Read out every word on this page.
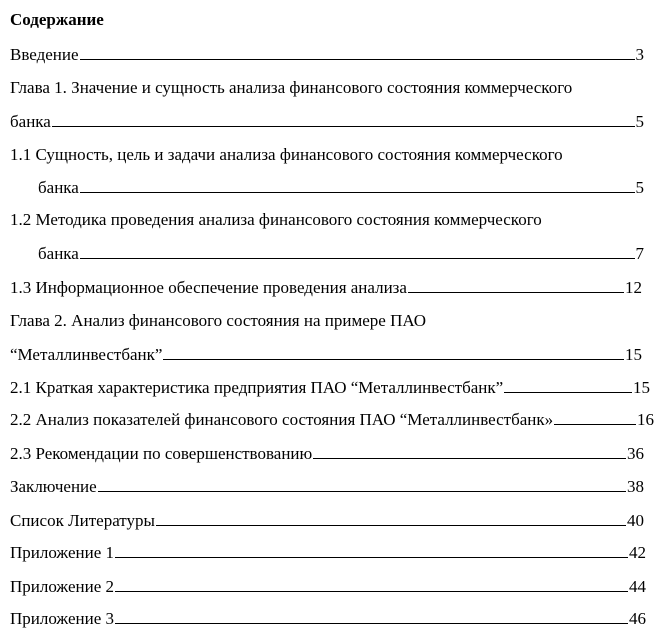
Содержание
Введение	3
Глава 1. Значение и сущность анализа финансового состояния коммерческого
банка	5
1.1 Сущность, цель и задачи анализа финансового состояния коммерческого
банка	5
1.2 Методика проведения анализа финансового состояния коммерческого
банка	7
1.3 Информационное обеспечение проведения анализа	12
Глава 2. Анализ финансового состояния на примере ПАО
“Металлинвестбанк”	15
2.1 Краткая характеристика предприятия ПАО “Металлинвестбанк”	15
2.2 Анализ показателей финансового состояния ПАО “Металлинвестбанк»	16
2.3 Рекомендации по совершенствованию	36
Заключение	38
Список Литературы	40
Приложение 1	42
Приложение 2	44
Приложение 3	46
